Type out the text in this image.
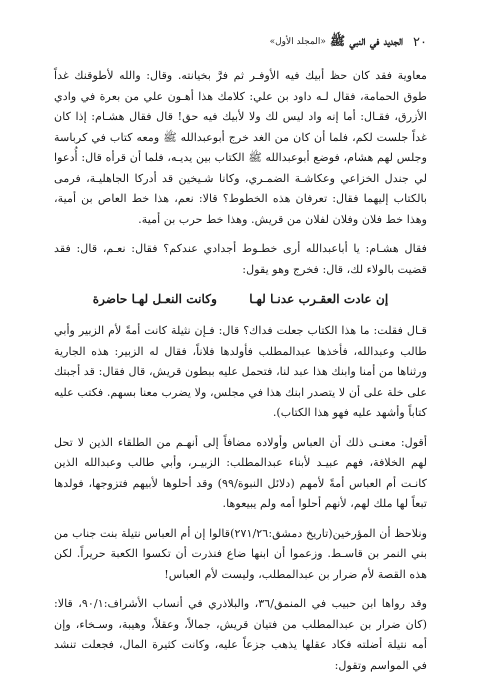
٢٠
الجديد في النبي ﷺ
«المجلد الأول»

معاوية فقد كان حظ أبيك فيه الأوفـر ثم فرَّ بخيانته. وقال: والله لأطوقنك غداً طوق الحمامة، فقال لـه داود بن علي: كلامك هذا أهـون علي من بعرة في وادي الأزرق، فقـال: أما إنه واد ليس لك ولا لأبيك فيه حق! قال فقال هشـام: إذا كان غداً جلست لكم، فلما أن كان من الغد خرج أبوعبدالله ﷺ ومعه كتاب في كرباسة وجلس لهم هشام، فوضع أبوعبدالله ﷺ الكتاب بين يديـه، فلما أن قرأه قال: أُدعوا لي جندل الخزاعي وعكاشـة الضمـري، وكانا شـيخين قد أدركا الجاهليـة، فرمى بالكتاب إليهما فقال: تعرفان هذه الخطوط؟ قالا: نعم، هذا خط العاص بن أمية، وهذا خط فلان وفلان لفلان من قريش. وهذا خط حرب بن أمية.

فقال هشـام: يا أباعبدالله أرى خطـوط أجدادي عندكم؟ فقال: نعـم، قال: فقد قضيت بالولاء لك، قال: فخرج وهو يقول:

إن عادت العقـرب عدنـا لهـا وكانت النعـل لهـا حاضرة

قـال فقلت: ما هذا الكتاب جعلت فداك؟ قال: فـإن نثيلة كانت أمةً لأم الزبير وأبي طالب وعبدالله، فأخذها عبدالمطلب فأولدها فلاناً، فقال له الزبير: هذه الجارية ورثناها من أمنا وابنك هذا عبد لنا، فتحمل عليه ببطون قريش، قال فقال: قد أجبتك على خلة على أن لا يتصدر ابنك هذا في مجلس، ولا يضرب معنا بسهم. فكتب عليه كتاباً وأشهد عليه فهو هذا الكتاب).

أقول: معنـى ذلك أن العباس وأولاده مضافاً إلى أنهـم من الطلقاء الذين لا تحل لهم الخلافة، فهم عبيـد لأبناء عبدالمطلب: الزبيـر، وأبي طالب وعبدالله الذين كانـت أم العباس أمةً لأمهم (دلائل النبوة/٩٩) وقد أحلوها لأبيهم فتزوجها، فولدها تبعاً لها ملك لهم، لأنهم أحلوا أمه ولم يبيعوها.

ونلاحظ أن المؤرخين(تاريخ دمشق:٢٧١/٢٦)قالوا إن أم العباس نتيلة بنت جناب من بني النمر بن قاسـط. وزعموا أن ابنها ضاع فنذرت أن تكسوا الكعبة حريراً. لكن هذه القصة لأم ضرار بن عبدالمطلب، وليست لأم العباس!

وقد رواها ابن حبيب في المنمق/٣٦، والبلاذري في أنساب الأشراف:٩٠/١، قالا: (كان ضرار بن عبدالمطلب من فتيان قريش، جمالاً، وعقلاً، وهيبة، وسـخاء، وإن أمه نتيلة أضلته فكاد عقلها يذهب جزعاً عليه، وكانت كثيرة المال، فجعلت تنشد في المواسم وتقول:
